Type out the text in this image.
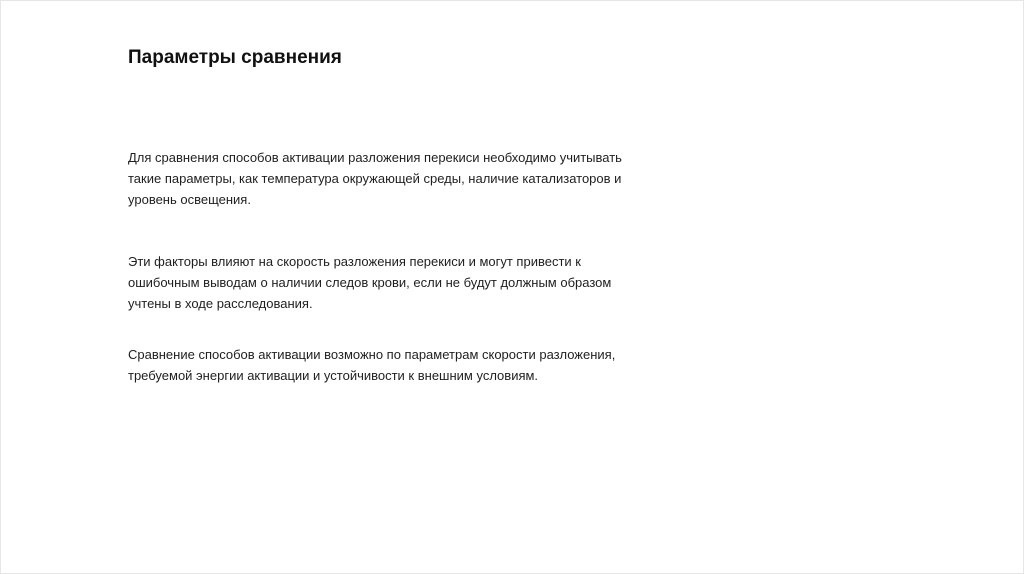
Параметры сравнения

Для сравнения способов активации разложения перекиси необходимо учитывать
такие параметры, как температура окружающей среды, наличие катализаторов и
уровень освещения.

Эти факторы влияют на скорость разложения перекиси и могут привести к
ошибочным выводам о наличии следов крови, если не будут должным образом
учтены в ходе расследования.

Сравнение способов активации возможно по параметрам скорости разложения,
требуемой энергии активации и устойчивости к внешним условиям.
